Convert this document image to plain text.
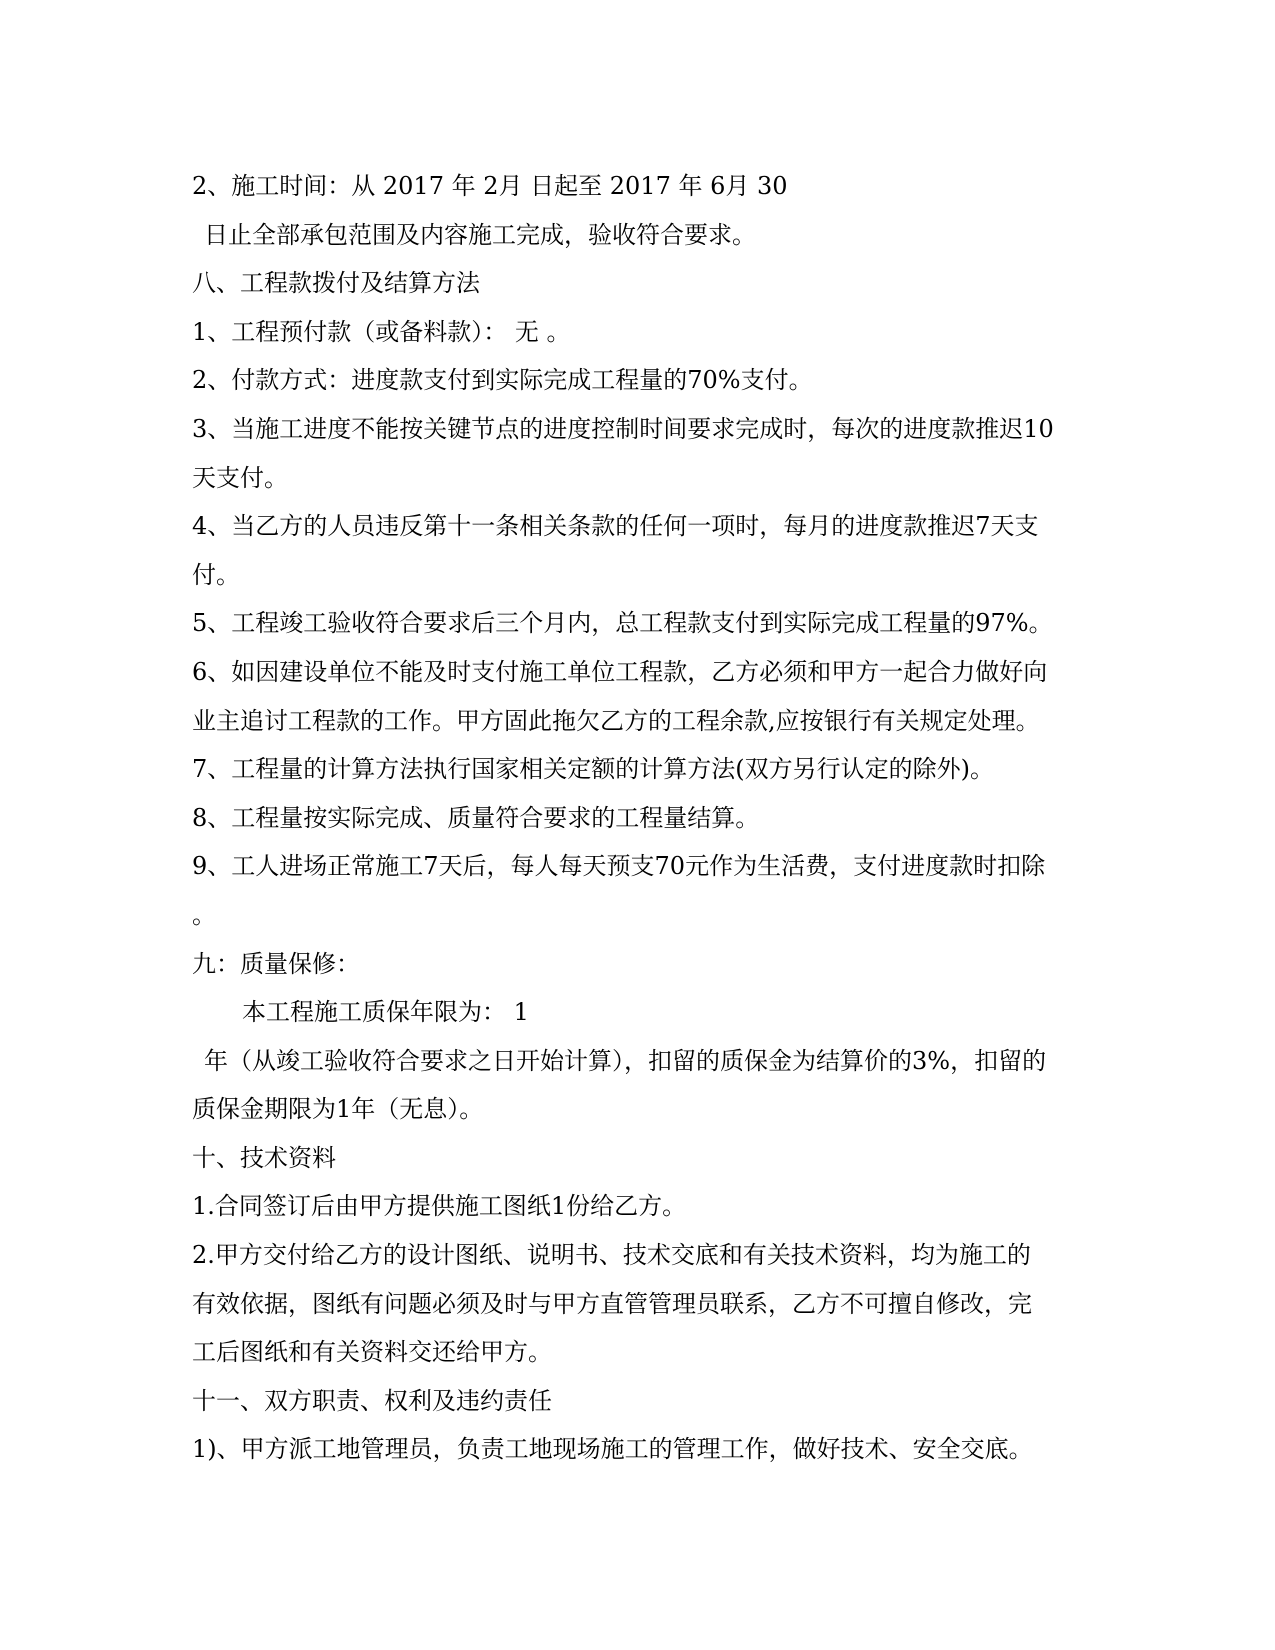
2、施工时间：从 2017 年 2月 日起至 2017 年 6月 30
日止全部承包范围及内容施工完成，验收符合要求。
八、工程款拨付及结算方法
1、工程预付款（或备料款）： 无 。
2、付款方式：进度款支付到实际完成工程量的70%支付。
3、当施工进度不能按关键节点的进度控制时间要求完成时，每次的进度款推迟10
天支付。
4、当乙方的人员违反第十一条相关条款的任何一项时，每月的进度款推迟7天支
付。
5、工程竣工验收符合要求后三个月内，总工程款支付到实际完成工程量的97%。
6、如因建设单位不能及时支付施工单位工程款，乙方必须和甲方一起合力做好向
业主追讨工程款的工作。甲方固此拖欠乙方的工程余款,应按银行有关规定处理。
7、工程量的计算方法执行国家相关定额的计算方法(双方另行认定的除外)。
8、工程量按实际完成、质量符合要求的工程量结算。
9、工人进场正常施工7天后，每人每天预支70元作为生活费，支付进度款时扣除
。
九：质量保修：
本工程施工质保年限为： 1
年（从竣工验收符合要求之日开始计算），扣留的质保金为结算价的3%，扣留的
质保金期限为1年（无息）。
十、技术资料
1.合同签订后由甲方提供施工图纸1份给乙方。
2.甲方交付给乙方的设计图纸、说明书、技术交底和有关技术资料，均为施工的
有效依据，图纸有问题必须及时与甲方直管管理员联系，乙方不可擅自修改，完
工后图纸和有关资料交还给甲方。
十一、双方职责、权利及违约责任
1)、甲方派工地管理员，负责工地现场施工的管理工作，做好技术、安全交底。
